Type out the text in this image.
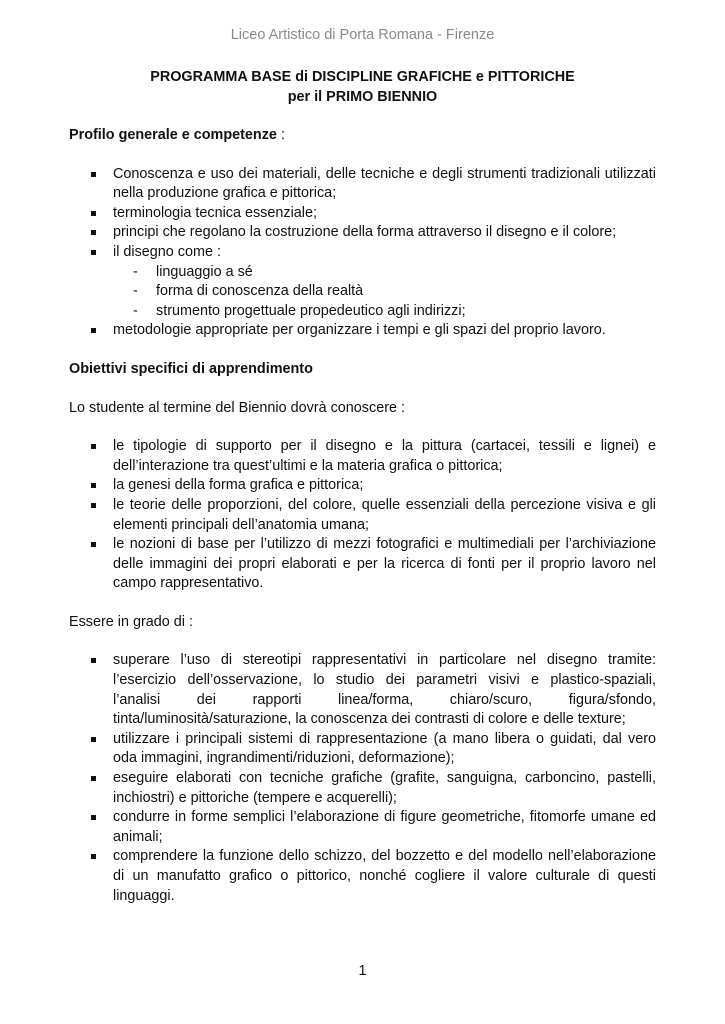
Liceo Artistico di Porta Romana - Firenze
PROGRAMMA BASE di DISCIPLINE GRAFICHE e PITTORICHE
per il PRIMO BIENNIO

Profilo generale e competenze :

Conoscenza e uso dei materiali, delle tecniche e degli strumenti tradizionali utilizzati nella produzione grafica e pittorica;
terminologia tecnica essenziale;
principi che regolano la costruzione della forma attraverso il disegno e il colore;
il disegno come :
- linguaggio a sé
- forma di conoscenza della realtà
- strumento progettuale propedeutico agli indirizzi;
metodologie appropriate per organizzare i tempi e gli spazi del proprio lavoro.

Obiettivi specifici di apprendimento

Lo studente al termine del Biennio dovrà conoscere :

le tipologie di supporto per il disegno e la pittura (cartacei, tessili e lignei) e dell’interazione tra quest’ultimi e la materia grafica o pittorica;
la genesi della forma grafica e pittorica;
le teorie delle proporzioni, del colore, quelle essenziali della percezione visiva e gli elementi principali dell’anatomia umana;
le nozioni di base per l’utilizzo di mezzi fotografici e multimediali per l’archiviazione delle immagini dei propri elaborati e per la ricerca di fonti per il proprio lavoro nel campo rappresentativo.

Essere in grado di :

superare l’uso di stereotipi rappresentativi in particolare nel disegno tramite: l’esercizio dell’osservazione, lo studio dei parametri visivi e plastico-spaziali,
l’analisi dei rapporti linea/forma, chiaro/scuro, figura/sfondo,
tinta/luminosità/saturazione, la conoscenza dei contrasti di colore e delle texture;
utilizzare i principali sistemi di rappresentazione (a mano libera o guidati, dal vero oda immagini, ingrandimenti/riduzioni, deformazione);
eseguire elaborati con tecniche grafiche (grafite, sanguigna, carboncino, pastelli, inchiostri) e pittoriche (tempere e acquerelli);
condurre in forme semplici l’elaborazione di figure geometriche, fitomorfe umane ed animali;
comprendere la funzione dello schizzo, del bozzetto e del modello nell’elaborazione di un manufatto grafico o pittorico, nonché cogliere il valore culturale di questi linguaggi.
1
